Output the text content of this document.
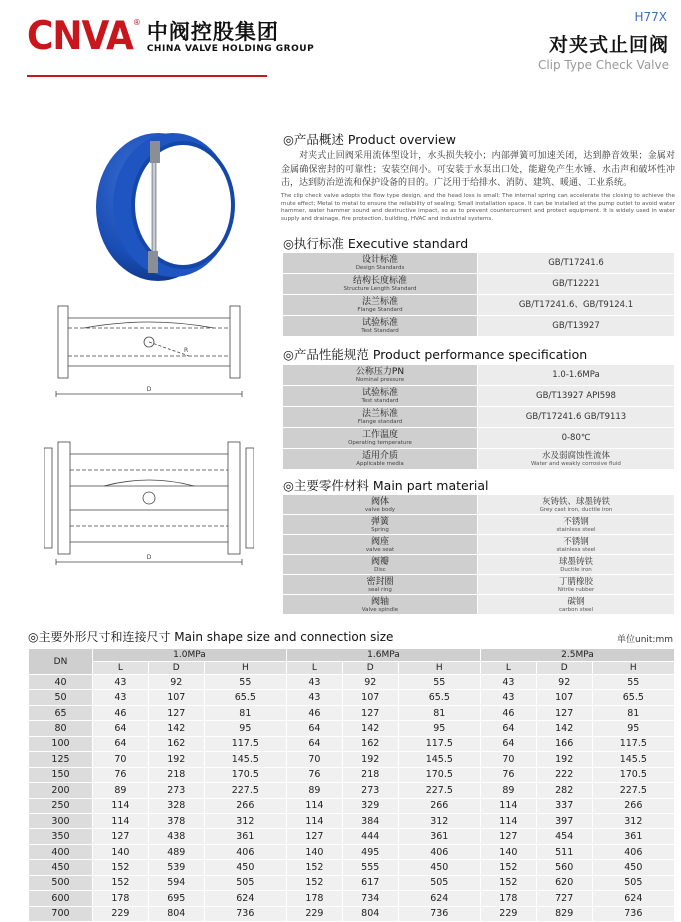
CNVA ® 中阀控股集团
CHINA VALVE HOLDING GROUP
H77X
对夹式止回阀
Clip Type Check Valve
D
D
R
◎产品概述 Product overview
对夹式止回阀采用流体型设计，水头损失较小；内部弹簧可加速关闭，达到静音效果；金属对金属确保密封的可靠性；安装空间小。可安装于水泵出口处，能避免产生水锤、水击声和破坏性冲击，达到防治逆流和保护设备的目的。广泛用于给排水、消防、建筑、暖通、工业系统。
The clip check valve adopts the flow type design, and the head loss is small; The internal spring can accelerate the closing to achieve the mute effect; Metal to metal to ensure the reliability of sealing; Small installation space. It can be installed at the pump outlet to avoid water hammer, water hammer sound and destructive impact, so as to prevent countercurrent and protect equipment. It is widely used in water supply and drainage, fire protection, building, HVAC and industrial systems.
◎执行标准 Executive standard
设计标准
Design Standards	GB/T17241.6

结构长度标准
Structure Length Standard	GB/T12221

法兰标准
Flange Standard	GB/T17241.6、GB/T9124.1

试验标准
Test Standard	GB/T13927
◎产品性能规范 Product performance specification
公称压力PN
Nominal pressure	1.0-1.6MPa

试验标准
Test standard	GB/T13927 API598

法兰标准
Flange standard	GB/T17241.6 GB/T9113

工作温度
Operating temperature	0-80℃

适用介质
Applicable media	水及弱腐蚀性流体
Water and weakly corrosive fluid
◎主要零件材料 Main part material
阀体
valve body	灰铸铁、球墨铸铁
Grey cast iron, ductile iron

弹簧
Spring	不锈钢
stainless steel

阀座
valve seat	不锈钢
stainless steel

阀瓣
Disc	球墨铸铁
Ductile iron

密封圈
seal ring	丁腈橡胶
Nitrile rubber

阀轴
Valve spindle	碳钢
carbon steel
◎主要外形尺寸和连接尺寸 Main shape size and connection size	单位unit:mm
DN	1.0MPa			1.6MPa			2.5MPa		
	L	D	H	L	D	H	L	D	H
40	43	92	55	43	92	55	43	92	55
50	43	107	65.5	43	107	65.5	43	107	65.5
65	46	127	81	46	127	81	46	127	81
80	64	142	95	64	142	95	64	142	95
100	64	162	117.5	64	162	117.5	64	166	117.5
125	70	192	145.5	70	192	145.5	70	192	145.5
150	76	218	170.5	76	218	170.5	76	222	170.5
200	89	273	227.5	89	273	227.5	89	282	227.5
250	114	328	266	114	329	266	114	337	266
300	114	378	312	114	384	312	114	397	312
350	127	438	361	127	444	361	127	454	361
400	140	489	406	140	495	406	140	511	406
450	152	539	450	152	555	450	152	560	450
500	152	594	505	152	617	505	152	620	505
600	178	695	624	178	734	624	178	727	624
700	229	804	736	229	804	736	229	829	736
